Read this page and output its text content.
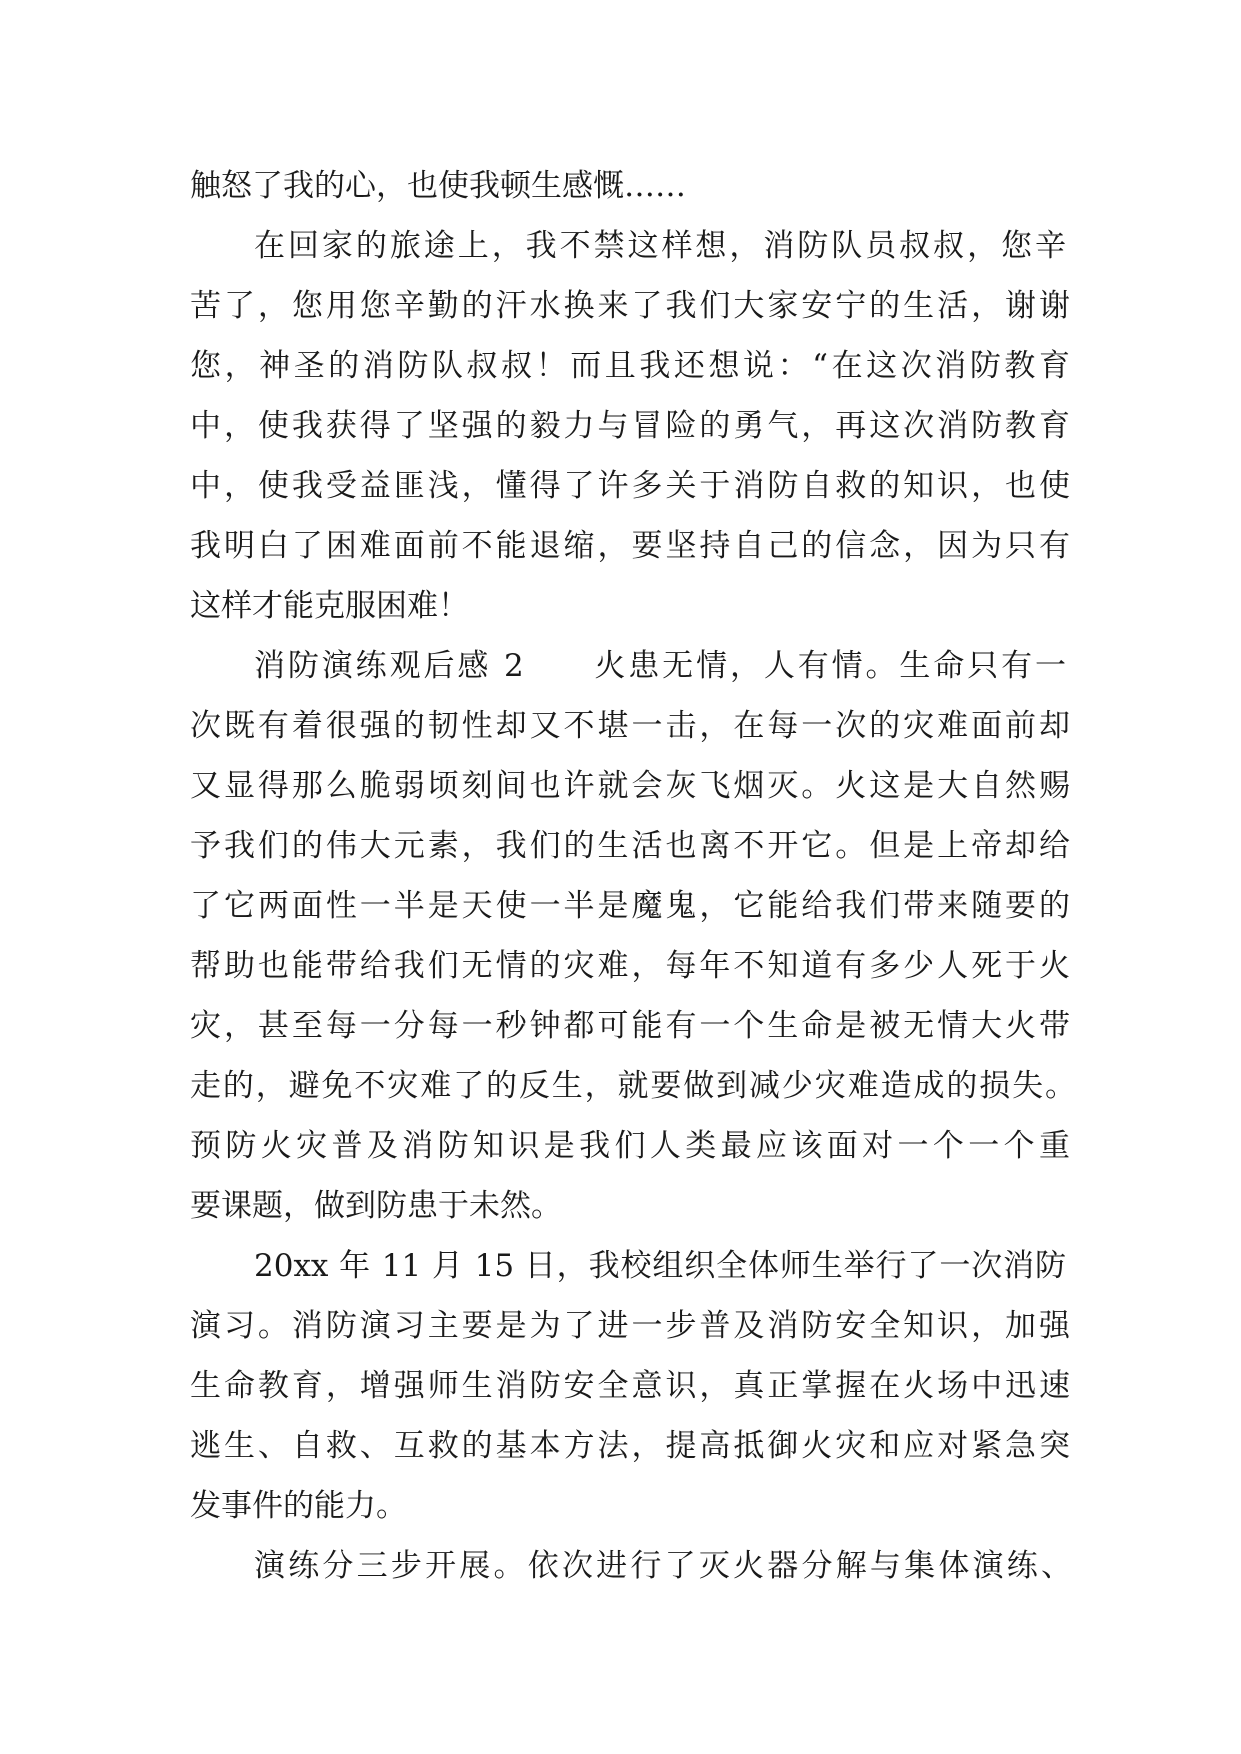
触怒了我的心，也使我顿生感慨……
在回家的旅途上，我不禁这样想，消防队员叔叔，您辛
苦了，您用您辛勤的汗水换来了我们大家安宁的生活，谢谢
您，神圣的消防队叔叔！而且我还想说：“在这次消防教育
中，使我获得了坚强的毅力与冒险的勇气，再这次消防教育
中，使我受益匪浅，懂得了许多关于消防自救的知识，也使
我明白了困难面前不能退缩，要坚持自己的信念，因为只有
这样才能克服困难！
消防演练观后感 2　　火患无情，人有情。生命只有一
次既有着很强的韧性却又不堪一击，在每一次的灾难面前却
又显得那么脆弱顷刻间也许就会灰飞烟灭。火这是大自然赐
予我们的伟大元素，我们的生活也离不开它。但是上帝却给
了它两面性一半是天使一半是魔鬼，它能给我们带来随要的
帮助也能带给我们无情的灾难，每年不知道有多少人死于火
灾，甚至每一分每一秒钟都可能有一个生命是被无情大火带
走的，避免不灾难了的反生，就要做到减少灾难造成的损失。
预防火灾普及消防知识是我们人类最应该面对一个一个重
要课题，做到防患于未然。
20xx 年 11 月 15 日，我校组织全体师生举行了一次消防
演习。消防演习主要是为了进一步普及消防安全知识，加强
生命教育，增强师生消防安全意识，真正掌握在火场中迅速
逃生、自救、互救的基本方法，提高抵御火灾和应对紧急突
发事件的能力。
演练分三步开展。依次进行了灭火器分解与集体演练、
